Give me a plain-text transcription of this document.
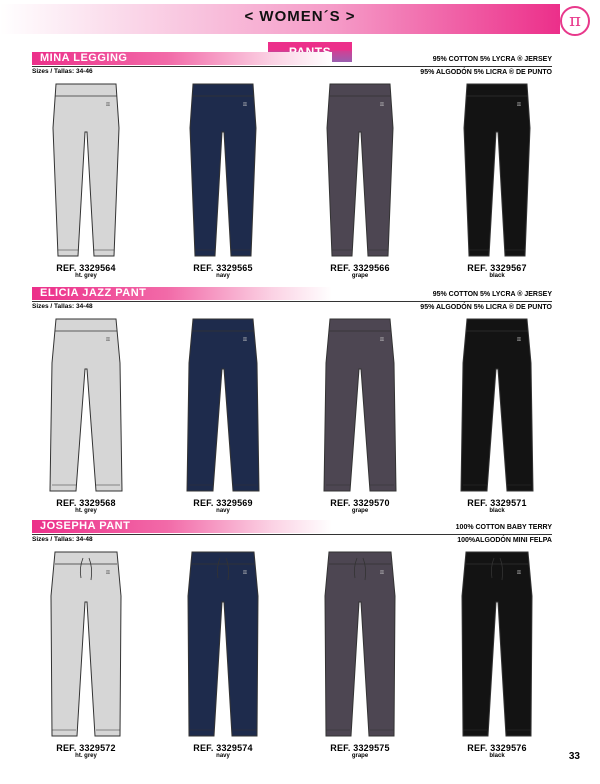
< WOMEN´S >	π
MINA LEGGING	95% COTTON 5% LYCRA ® JERSEY
95% ALGODÓN 5% LICRA ® DE PUNTO
Sizes / Tallas: 34-46
ELICIA JAZZ PANT	95% COTTON 5% LYCRA ® JERSEY
95% ALGODÓN 5% LICRA ® DE PUNTO
Sizes / Tallas: 34-48
JOSEPHA PANT	100% COTTON BABY TERRY
100%ALGODÓN MINI FELPA
Sizes / Tallas: 34-48
π
REF. 3329564
ht. grey
π
REF. 3329565
navy
π
REF. 3329566
grape
π
REF. 3329567
black
π
REF. 3329568
ht. grey
π
REF. 3329569
navy
π
REF. 3329570
grape
π
REF. 3329571
black
π
REF. 3329572
ht. grey
π
REF. 3329574
navy
π
REF. 3329575
grape
π
REF. 3329576
black	33
